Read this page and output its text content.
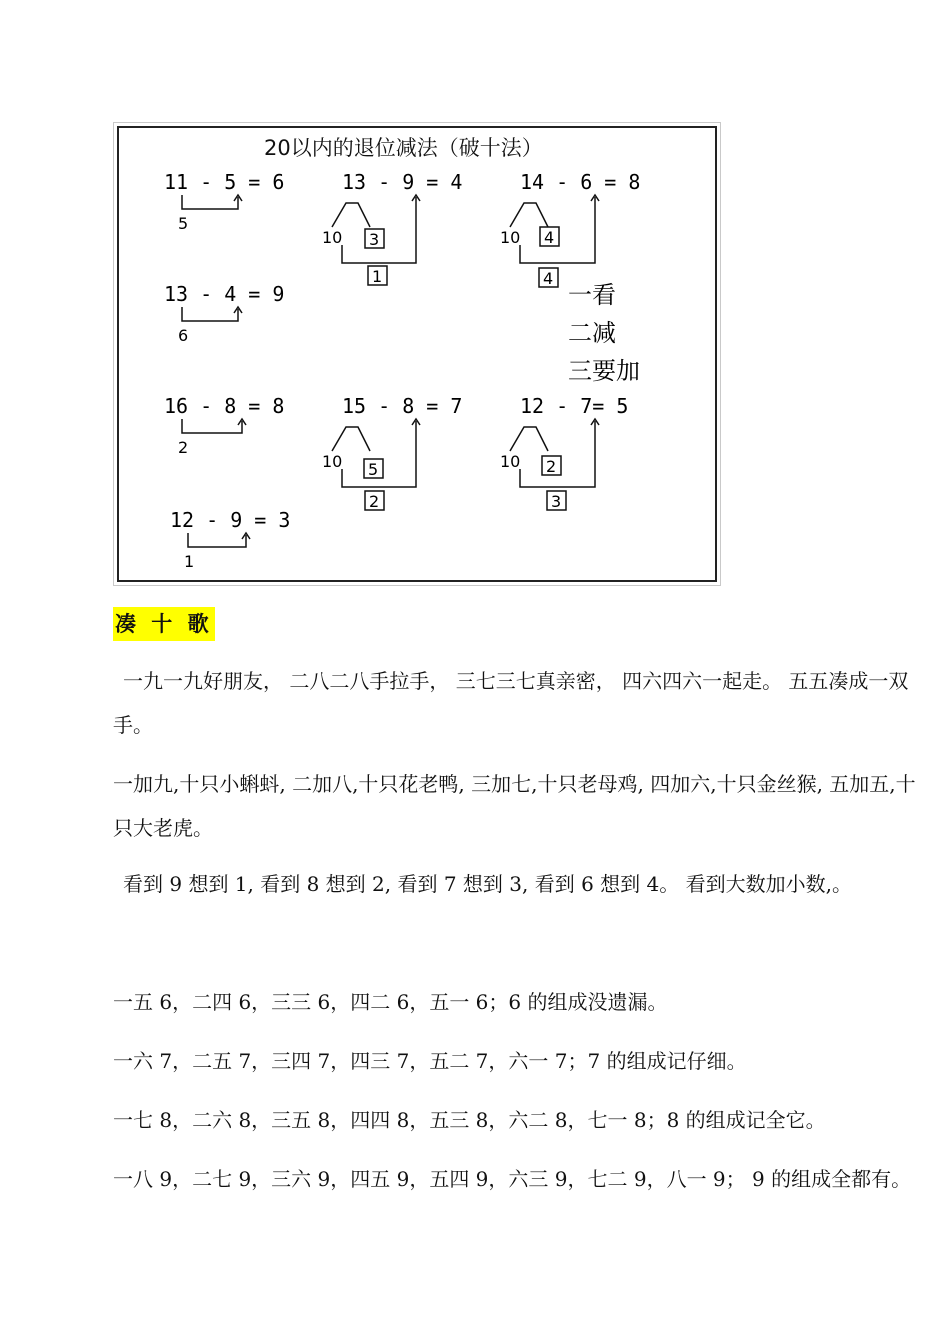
20以内的退位减法（破十法）
11 - 5 = 6	13 - 9 = 4	14 - 6 = 8
13 - 4 = 9
16 - 8 = 8	15 - 8 = 7	12 - 7= 5
12 - 9 = 3
5
6
2
1
10 3
1
10 4
4
10 5
2
10 2
3
一看
二减
三要加
凑 十 歌
一九一九好朋友， 二八二八手拉手， 三七三七真亲密， 四六四六一起走。 五五凑成一双手。
一加九,十只小蝌蚪, 二加八,十只花老鸭, 三加七,十只老母鸡, 四加六,十只金丝猴, 五加五,十只大老虎。
看到 9 想到 1, 看到 8 想到 2, 看到 7 想到 3, 看到 6 想到 4。 看到大数加小数,。
一五 6，二四 6，三三 6，四二 6，五一 6；6 的组成没遗漏。
一六 7，二五 7，三四 7，四三 7，五二 7，六一 7；7 的组成记仔细。
一七 8，二六 8，三五 8，四四 8，五三 8，六二 8，七一 8；8 的组成记全它。
一八 9，二七 9，三六 9，四五 9，五四 9，六三 9，七二 9，八一 9； 9 的组成全都有。
